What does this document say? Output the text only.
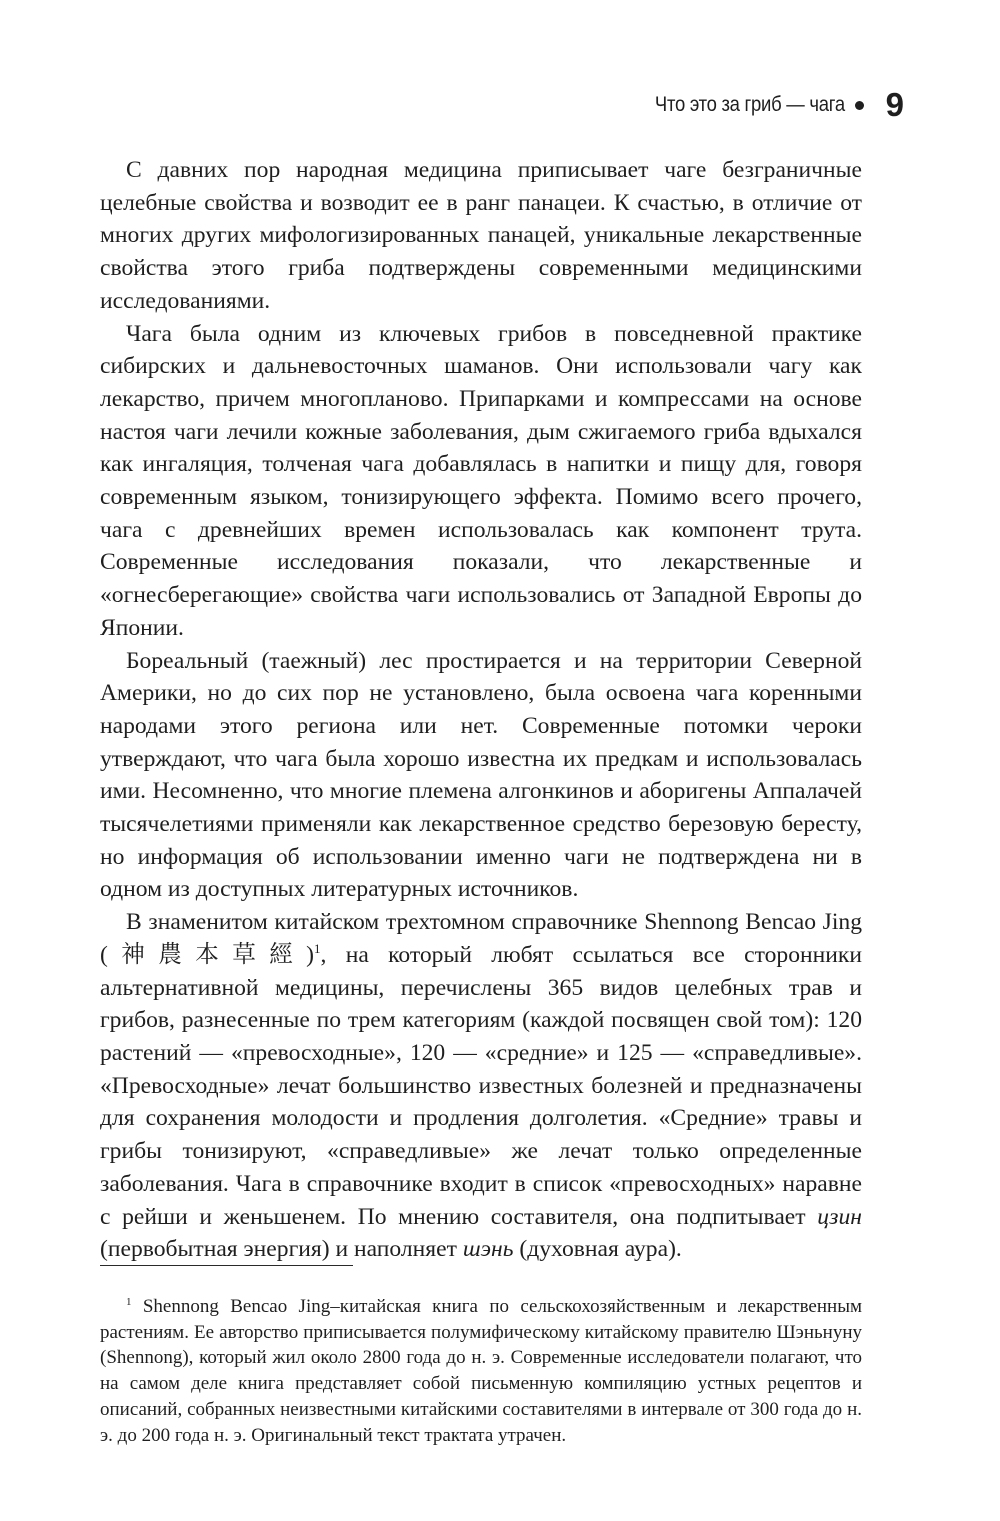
Что это за гриб — чага 9

С давних пор народная медицина приписывает чаге безграничные целебные свойства и возводит ее в ранг панацеи. К счастью, в отличие от многих других мифологизированных панацей, уникальные лекарственные свойства этого гриба подтверждены современными медицинскими исследованиями.

Чага была одним из ключевых грибов в повседневной практике сибирских и дальневосточных шаманов. Они использовали чагу как лекарство, причем многопланово. Припарками и компрессами на основе настоя чаги лечили кожные заболевания, дым сжигаемого гриба вдыхался как ингаляция, толченая чага добавлялась в напитки и пищу для, говоря современным языком, тонизирующего эффекта. Помимо всего прочего, чага с древнейших времен использовалась как компонент трута. Современные исследования показали, что лекарственные и «огнесберегающие» свойства чаги использовались от Западной Европы до Японии.

Бореальный (таежный) лес простирается и на территории Северной Америки, но до сих пор не установлено, была освоена чага коренными народами этого региона или нет. Современные потомки чероки утверждают, что чага была хорошо известна их предкам и использовалась ими. Несомненно, что многие племена алгонкинов и аборигены Аппалачей тысячелетиями применяли как лекарственное средство березовую бересту, но информация об использовании именно чаги не подтверждена ни в одном из доступных литературных источников.

В знаменитом китайском трехтомном справочнике Shennong Bencao Jing (神農本草經)$^1$, на который любят ссылаться все сторонники альтернативной медицины, перечислены 365 видов целебных трав и грибов, разнесенные по трем категориям (каждой посвящен свой том): 120 растений — «превосходные», 120 — «средние» и 125 — «справедливые». «Превосходные» лечат большинство известных болезней и предназначены для сохранения молодости и продления долголетия. «Средние» травы и грибы тонизируют, «справедливые» же лечат только определенные заболевания. Чага в справочнике входит в список «превосходных» наравне с рейши и женьшенем. По мнению составителя, она подпитывает цзин (первобытная энергия) и наполняет шэнь (духовная аура).

$^1$ Shennong Bencao Jing–китайская книга по сельскохозяйственным и лекарственным растениям. Ее авторство приписывается полумифическому китайскому правителю Шэньнуну (Shennong), который жил около 2800 года до н. э. Современные исследователи полагают, что на самом деле книга представляет собой письменную компиляцию устных рецептов и описаний, собранных неизвестными китайскими составителями в интервале от 300 года до н. э. до 200 года н. э. Оригинальный текст трактата утрачен.
